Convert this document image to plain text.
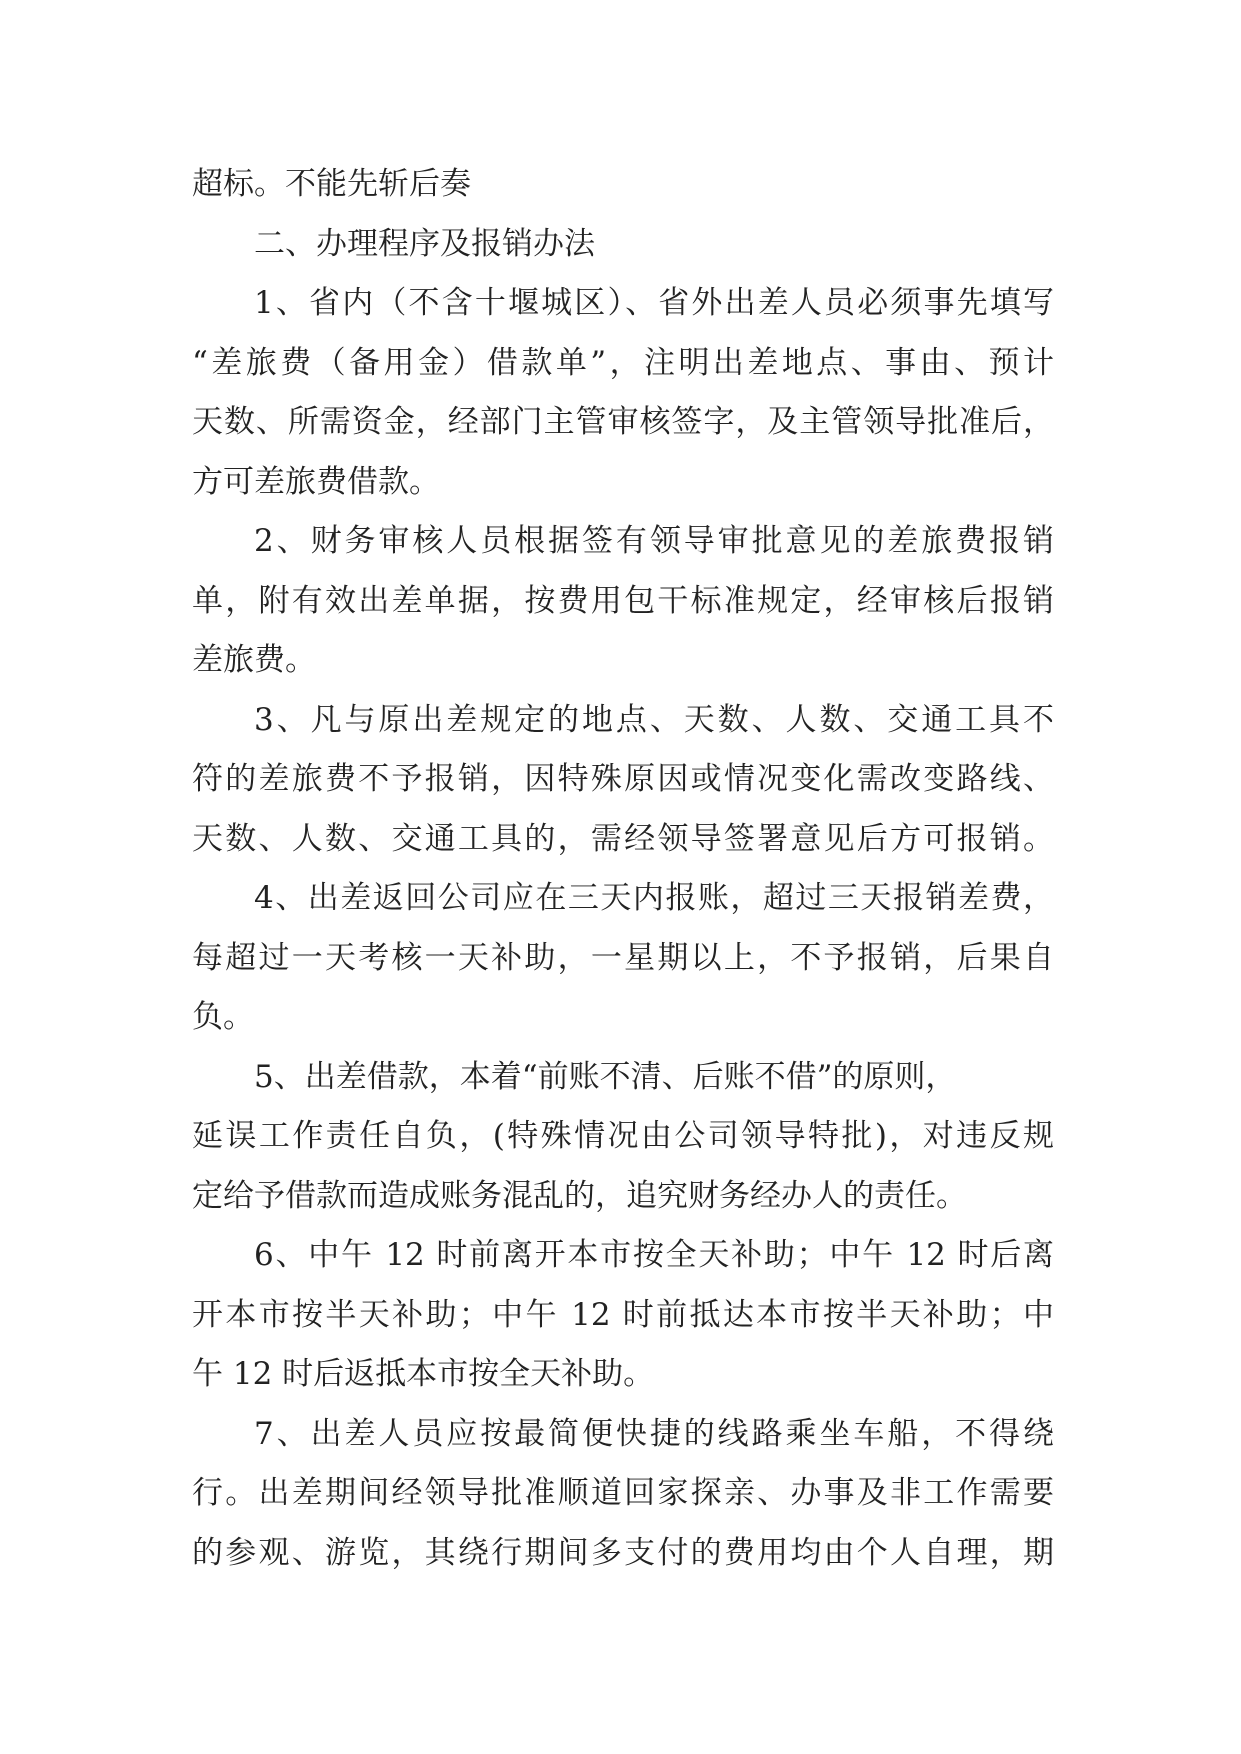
超标。不能先斩后奏
二、办理程序及报销办法
1、省内（不含十堰城区）、省外出差人员必须事先填写
“差旅费（备用金）借款单”，注明出差地点、事由、预计
天数、所需资金，经部门主管审核签字，及主管领导批准后，
方可差旅费借款。
2、财务审核人员根据签有领导审批意见的差旅费报销
单，附有效出差单据，按费用包干标准规定，经审核后报销
差旅费。
3、凡与原出差规定的地点、天数、人数、交通工具不
符的差旅费不予报销，因特殊原因或情况变化需改变路线、
天数、人数、交通工具的，需经领导签署意见后方可报销。
4、出差返回公司应在三天内报账，超过三天报销差费，
每超过一天考核一天补助，一星期以上，不予报销，后果自
负。
5、出差借款，本着“前账不清、后账不借”的原则，
延误工作责任自负，(特殊情况由公司领导特批)，对违反规
定给予借款而造成账务混乱的，追究财务经办人的责任。
6、中午 12 时前离开本市按全天补助；中午 12 时后离
开本市按半天补助；中午 12 时前抵达本市按半天补助；中
午 12 时后返抵本市按全天补助。
7、出差人员应按最简便快捷的线路乘坐车船，不得绕
行。出差期间经领导批准顺道回家探亲、办事及非工作需要
的参观、游览，其绕行期间多支付的费用均由个人自理，期
